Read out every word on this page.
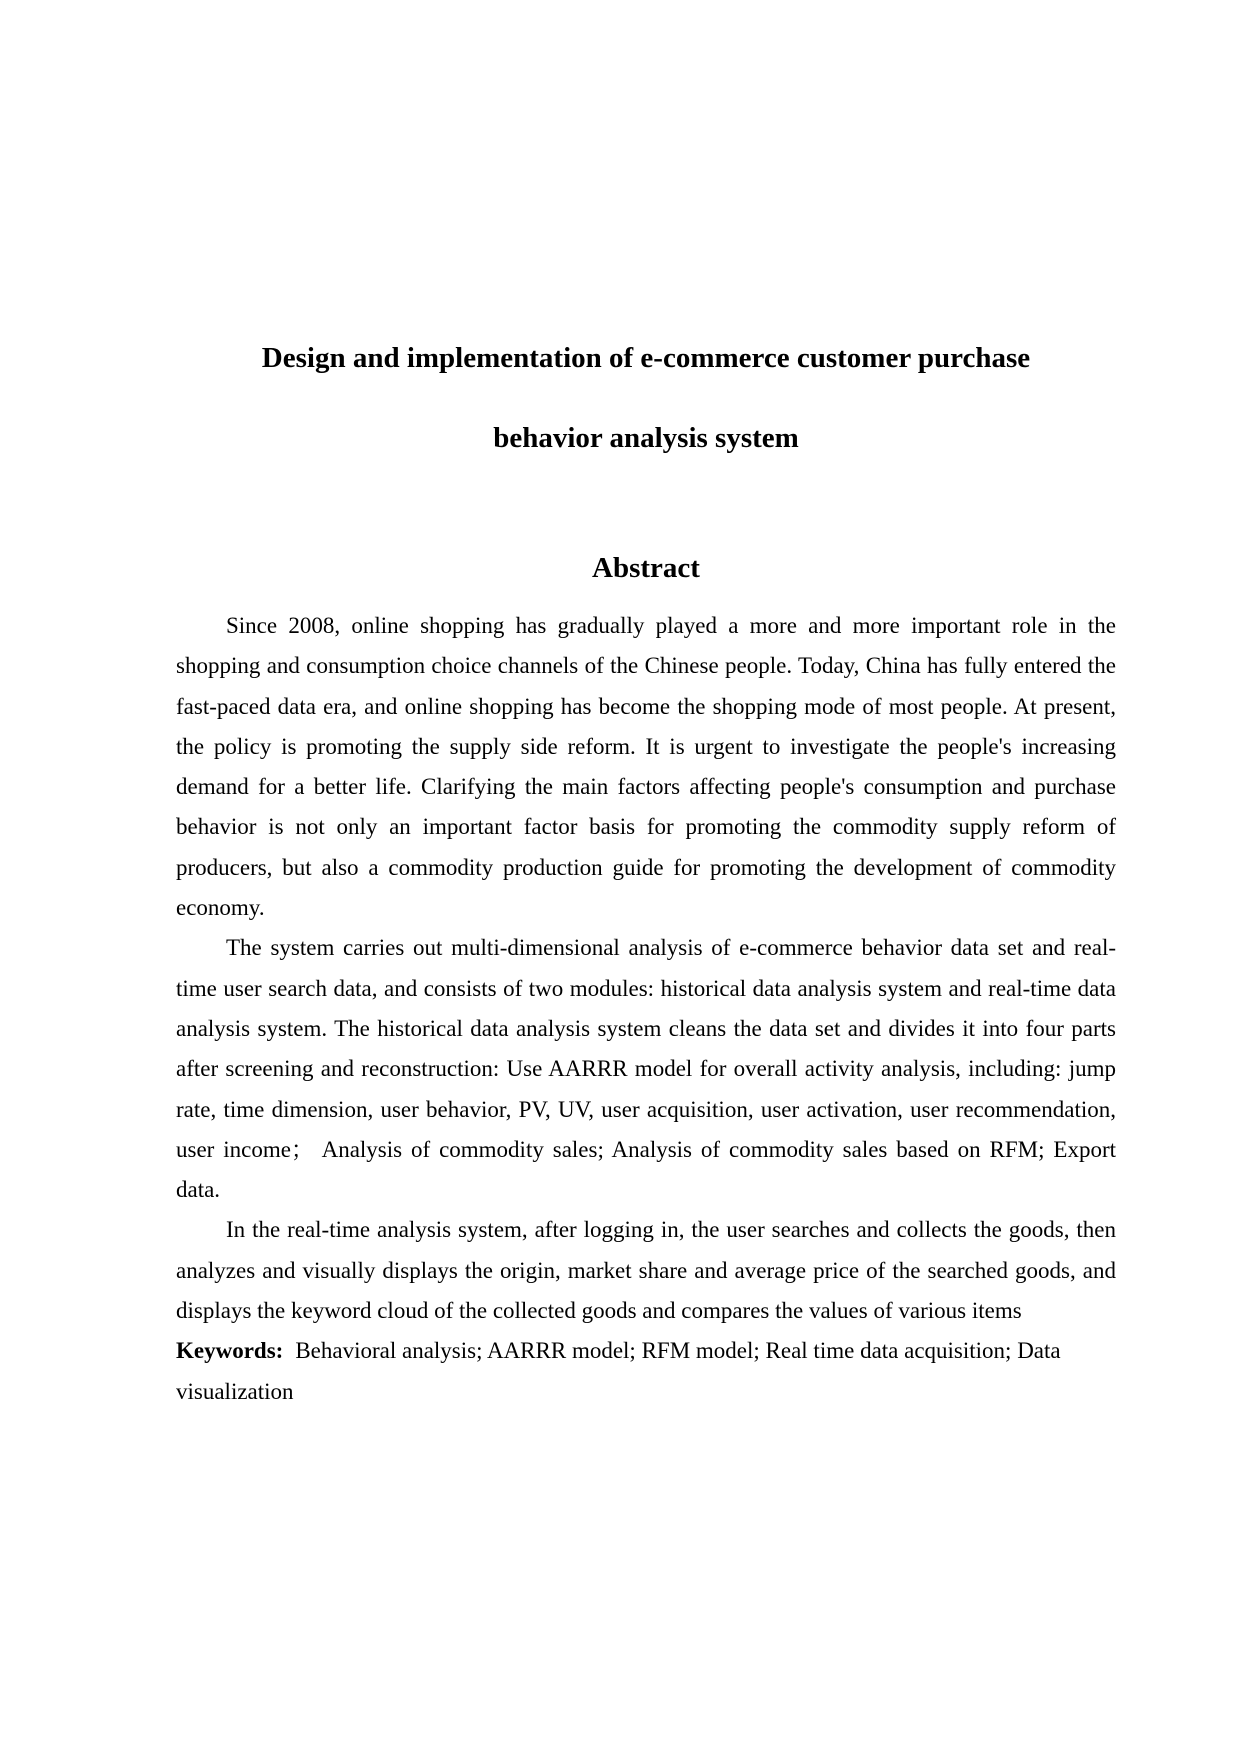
Design and implementation of e-commerce customer purchase
behavior analysis system
Abstract

Since 2008, online shopping has gradually played a more and more important role in the shopping and consumption choice channels of the Chinese people. Today, China has fully entered the fast-paced data era, and online shopping has become the shopping mode of most people. At present, the policy is promoting the supply side reform. It is urgent to investigate the people's increasing demand for a better life. Clarifying the main factors affecting people's consumption and purchase behavior is not only an important factor basis for promoting the commodity supply reform of producers, but also a commodity production guide for promoting the development of commodity economy.

The system carries out multi-dimensional analysis of e-commerce behavior data set and real-time user search data, and consists of two modules: historical data analysis system and real-time data analysis system. The historical data analysis system cleans the data set and divides it into four parts after screening and reconstruction: Use AARRR model for overall activity analysis, including: jump rate, time dimension, user behavior, PV, UV, user acquisition, user activation, user recommendation, user income； Analysis of commodity sales; Analysis of commodity sales based on RFM; Export data.

In the real-time analysis system, after logging in, the user searches and collects the goods, then analyzes and visually displays the origin, market share and average price of the searched goods, and displays the keyword cloud of the collected goods and compares the values of various items

Keywords: Behavioral analysis; AARRR model; RFM model; Real time data acquisition; Data visualization
